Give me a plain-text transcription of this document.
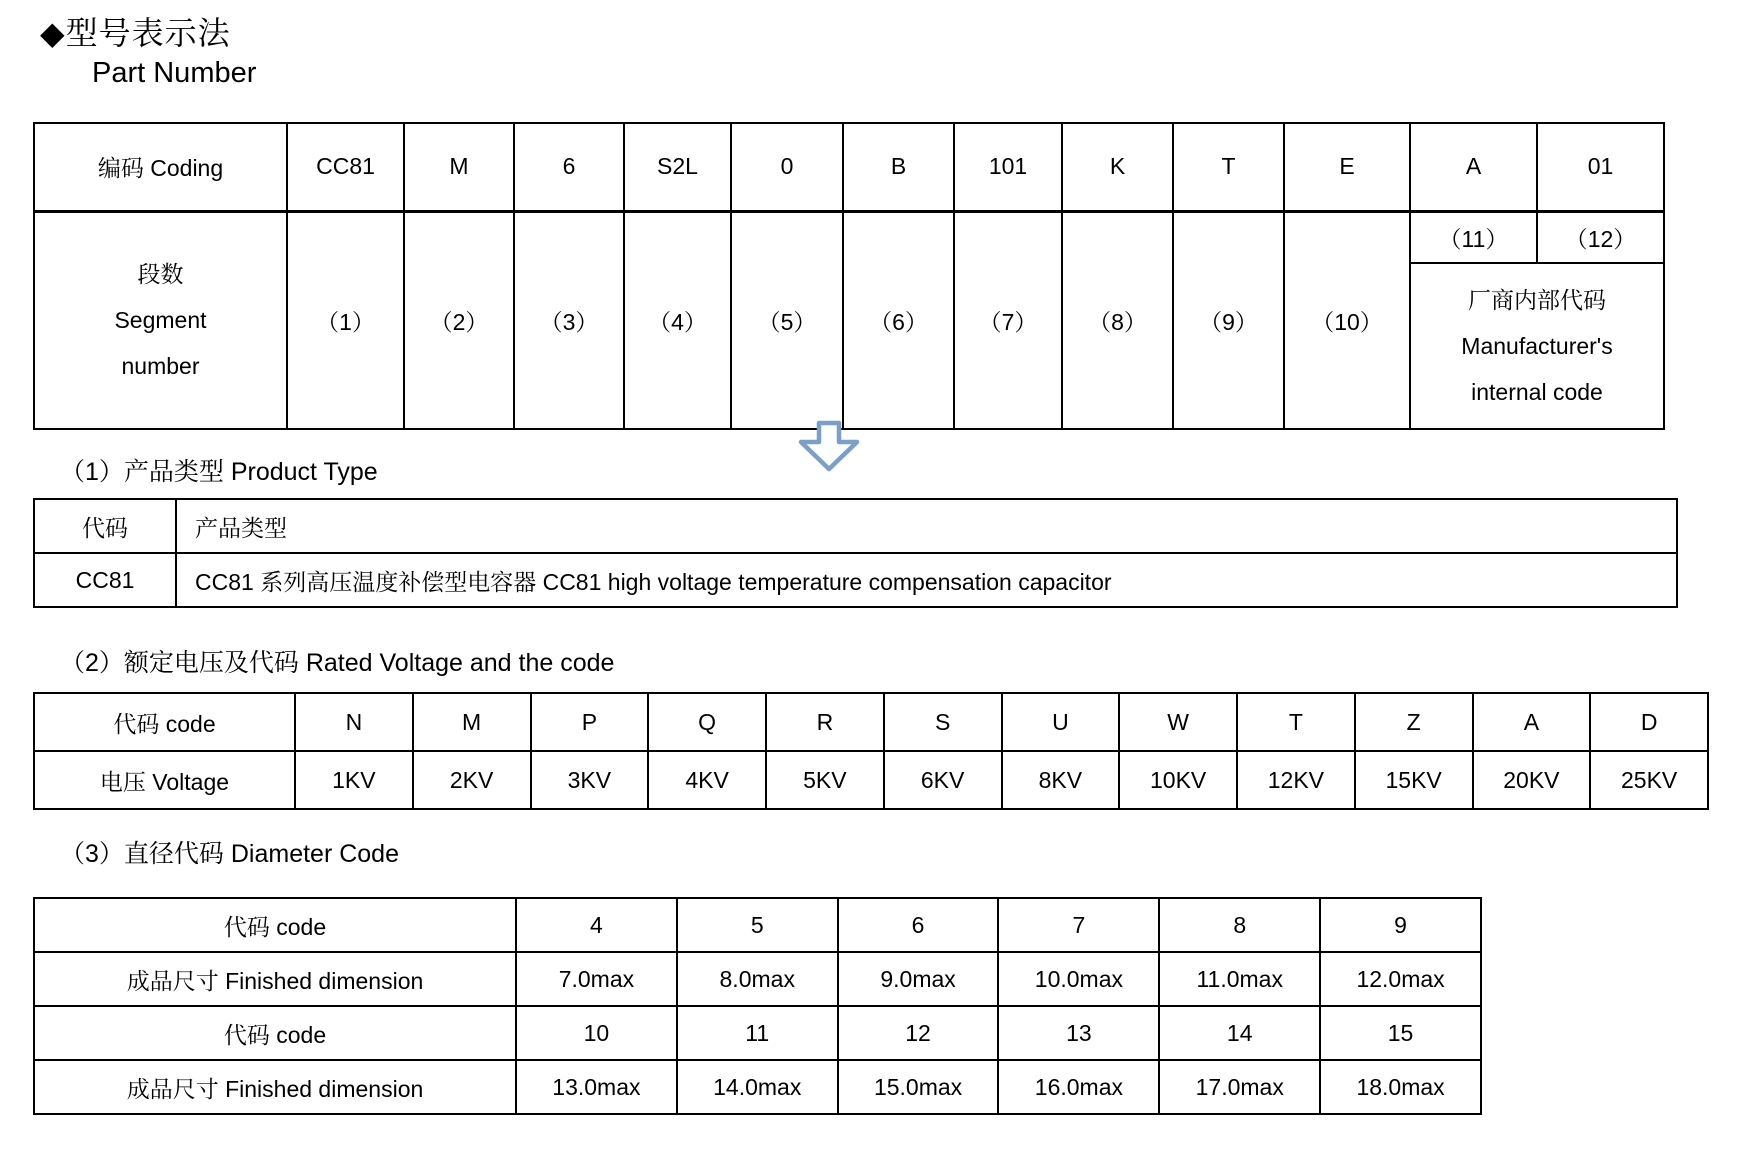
◆型号表示法
Part Number
编码 Coding	CC81	M	6	S2L	0	B	101	K	T	E	A	01

段数
Segment
number	（1）	（2）	（3）	（4）	（5）	（6）	（7）	（8）	（9）	（10）	（11）	（12）

											厂商内部代码
Manufacturer's
internal code	
（1）产品类型 Product Type
代码	产品类型
CC81	CC81 系列高压温度补偿型电容器 CC81 high voltage temperature compensation capacitor
（2）额定电压及代码 Rated Voltage and the code
代码 code	N	M	P	Q	R	S	U	W	T	Z	A	D
电压 Voltage	1KV	2KV	3KV	4KV	5KV	6KV	8KV	10KV	12KV	15KV	20KV	25KV
（3）直径代码 Diameter Code
代码 code	4	5	6	7	8	9
成品尺寸 Finished dimension	7.0max	8.0max	9.0max	10.0max	11.0max	12.0max
代码 code	10	11	12	13	14	15
成品尺寸 Finished dimension	13.0max	14.0max	15.0max	16.0max	17.0max	18.0max
